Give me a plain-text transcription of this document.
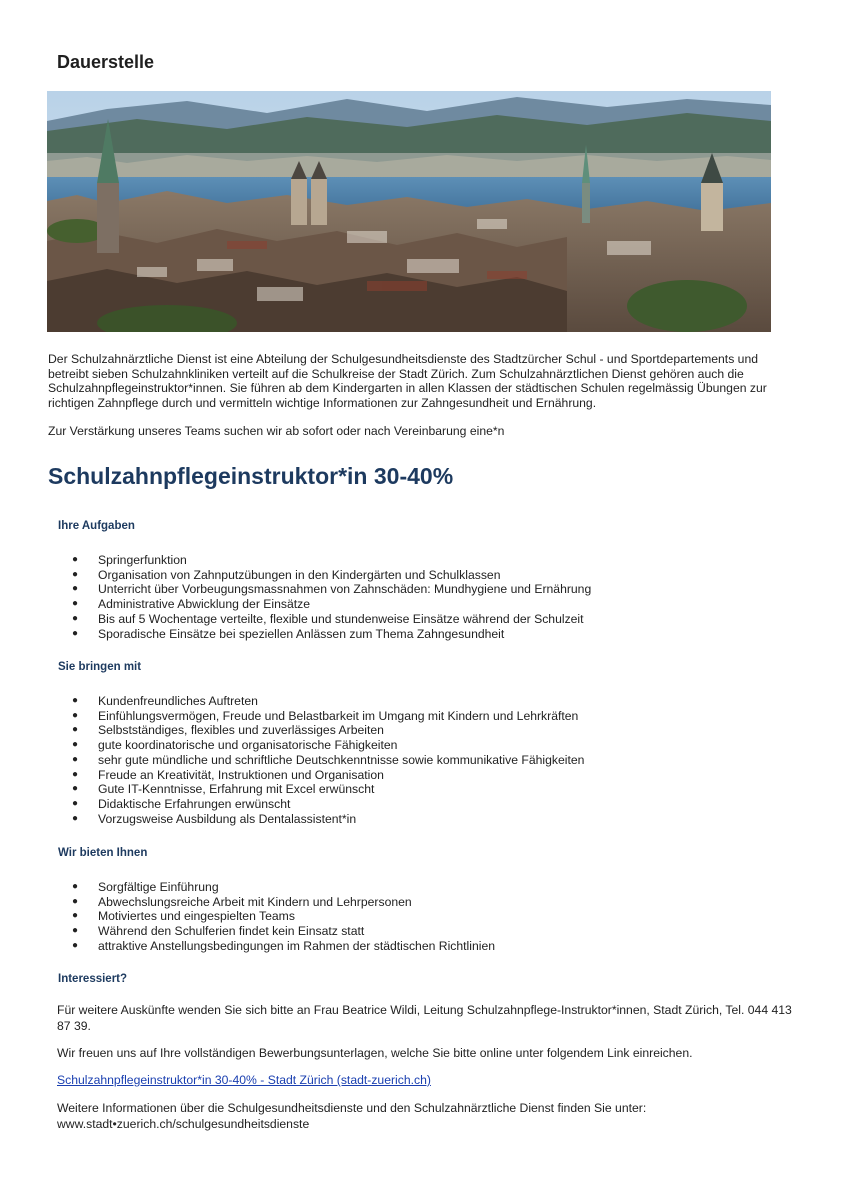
Dauerstelle

Der Schulzahnärztliche Dienst ist eine Abteilung der Schulgesundheitsdienste des Stadtzürcher Schul - und Sportdepartements und betreibt sieben Schulzahnkliniken verteilt auf die Schulkreise der Stadt Zürich. Zum Schulzahnärztlichen Dienst gehören auch die Schulzahnpflegeinstruktor*innen. Sie führen ab dem Kindergarten in allen Klassen der städtischen Schulen regelmässig Übungen zur richtigen Zahnpflege durch und vermitteln wichtige Informationen zur Zahngesundheit und Ernährung.

Zur Verstärkung unseres Teams suchen wir ab sofort oder nach Vereinbarung eine*n

Schulzahnpflegeinstruktor*in 30-40%
Ihre Aufgaben
● Springerfunktion
● Organisation von Zahnputzübungen in den Kindergärten und Schulklassen
● Unterricht über Vorbeugungsmassnahmen von Zahnschäden: Mundhygiene und Ernährung
● Administrative Abwicklung der Einsätze
● Bis auf 5 Wochentage verteilte, flexible und stundenweise Einsätze während der Schulzeit
● Sporadische Einsätze bei speziellen Anlässen zum Thema Zahngesundheit
Sie bringen mit
● Kundenfreundliches Auftreten
● Einfühlungsvermögen, Freude und Belastbarkeit im Umgang mit Kindern und Lehrkräften
● Selbstständiges, flexibles und zuverlässiges Arbeiten
● gute koordinatorische und organisatorische Fähigkeiten
● sehr gute mündliche und schriftliche Deutschkenntnisse sowie kommunikative Fähigkeiten
● Freude an Kreativität, Instruktionen und Organisation
● Gute IT-Kenntnisse, Erfahrung mit Excel erwünscht
● Didaktische Erfahrungen erwünscht
● Vorzugsweise Ausbildung als Dentalassistent*in
Wir bieten Ihnen
● Sorgfältige Einführung
● Abwechslungsreiche Arbeit mit Kindern und Lehrpersonen
● Motiviertes und eingespielten Teams
● Während den Schulferien findet kein Einsatz statt
● attraktive Anstellungsbedingungen im Rahmen der städtischen Richtlinien
Interessiert?

Für weitere Auskünfte wenden Sie sich bitte an Frau Beatrice Wildi, Leitung Schulzahnpflege-Instruktor*innen, Stadt Zürich, Tel. 044 413 87 39.

Wir freuen uns auf Ihre vollständigen Bewerbungsunterlagen, welche Sie bitte online unter folgendem Link einreichen.

Schulzahnpflegeinstruktor*in 30-40% - Stadt Zürich (stadt-zuerich.ch)

Weitere Informationen über die Schulgesundheitsdienste und den Schulzahnärztliche Dienst finden Sie unter: www.stadt•zuerich.ch/schulgesundheitsdienste
